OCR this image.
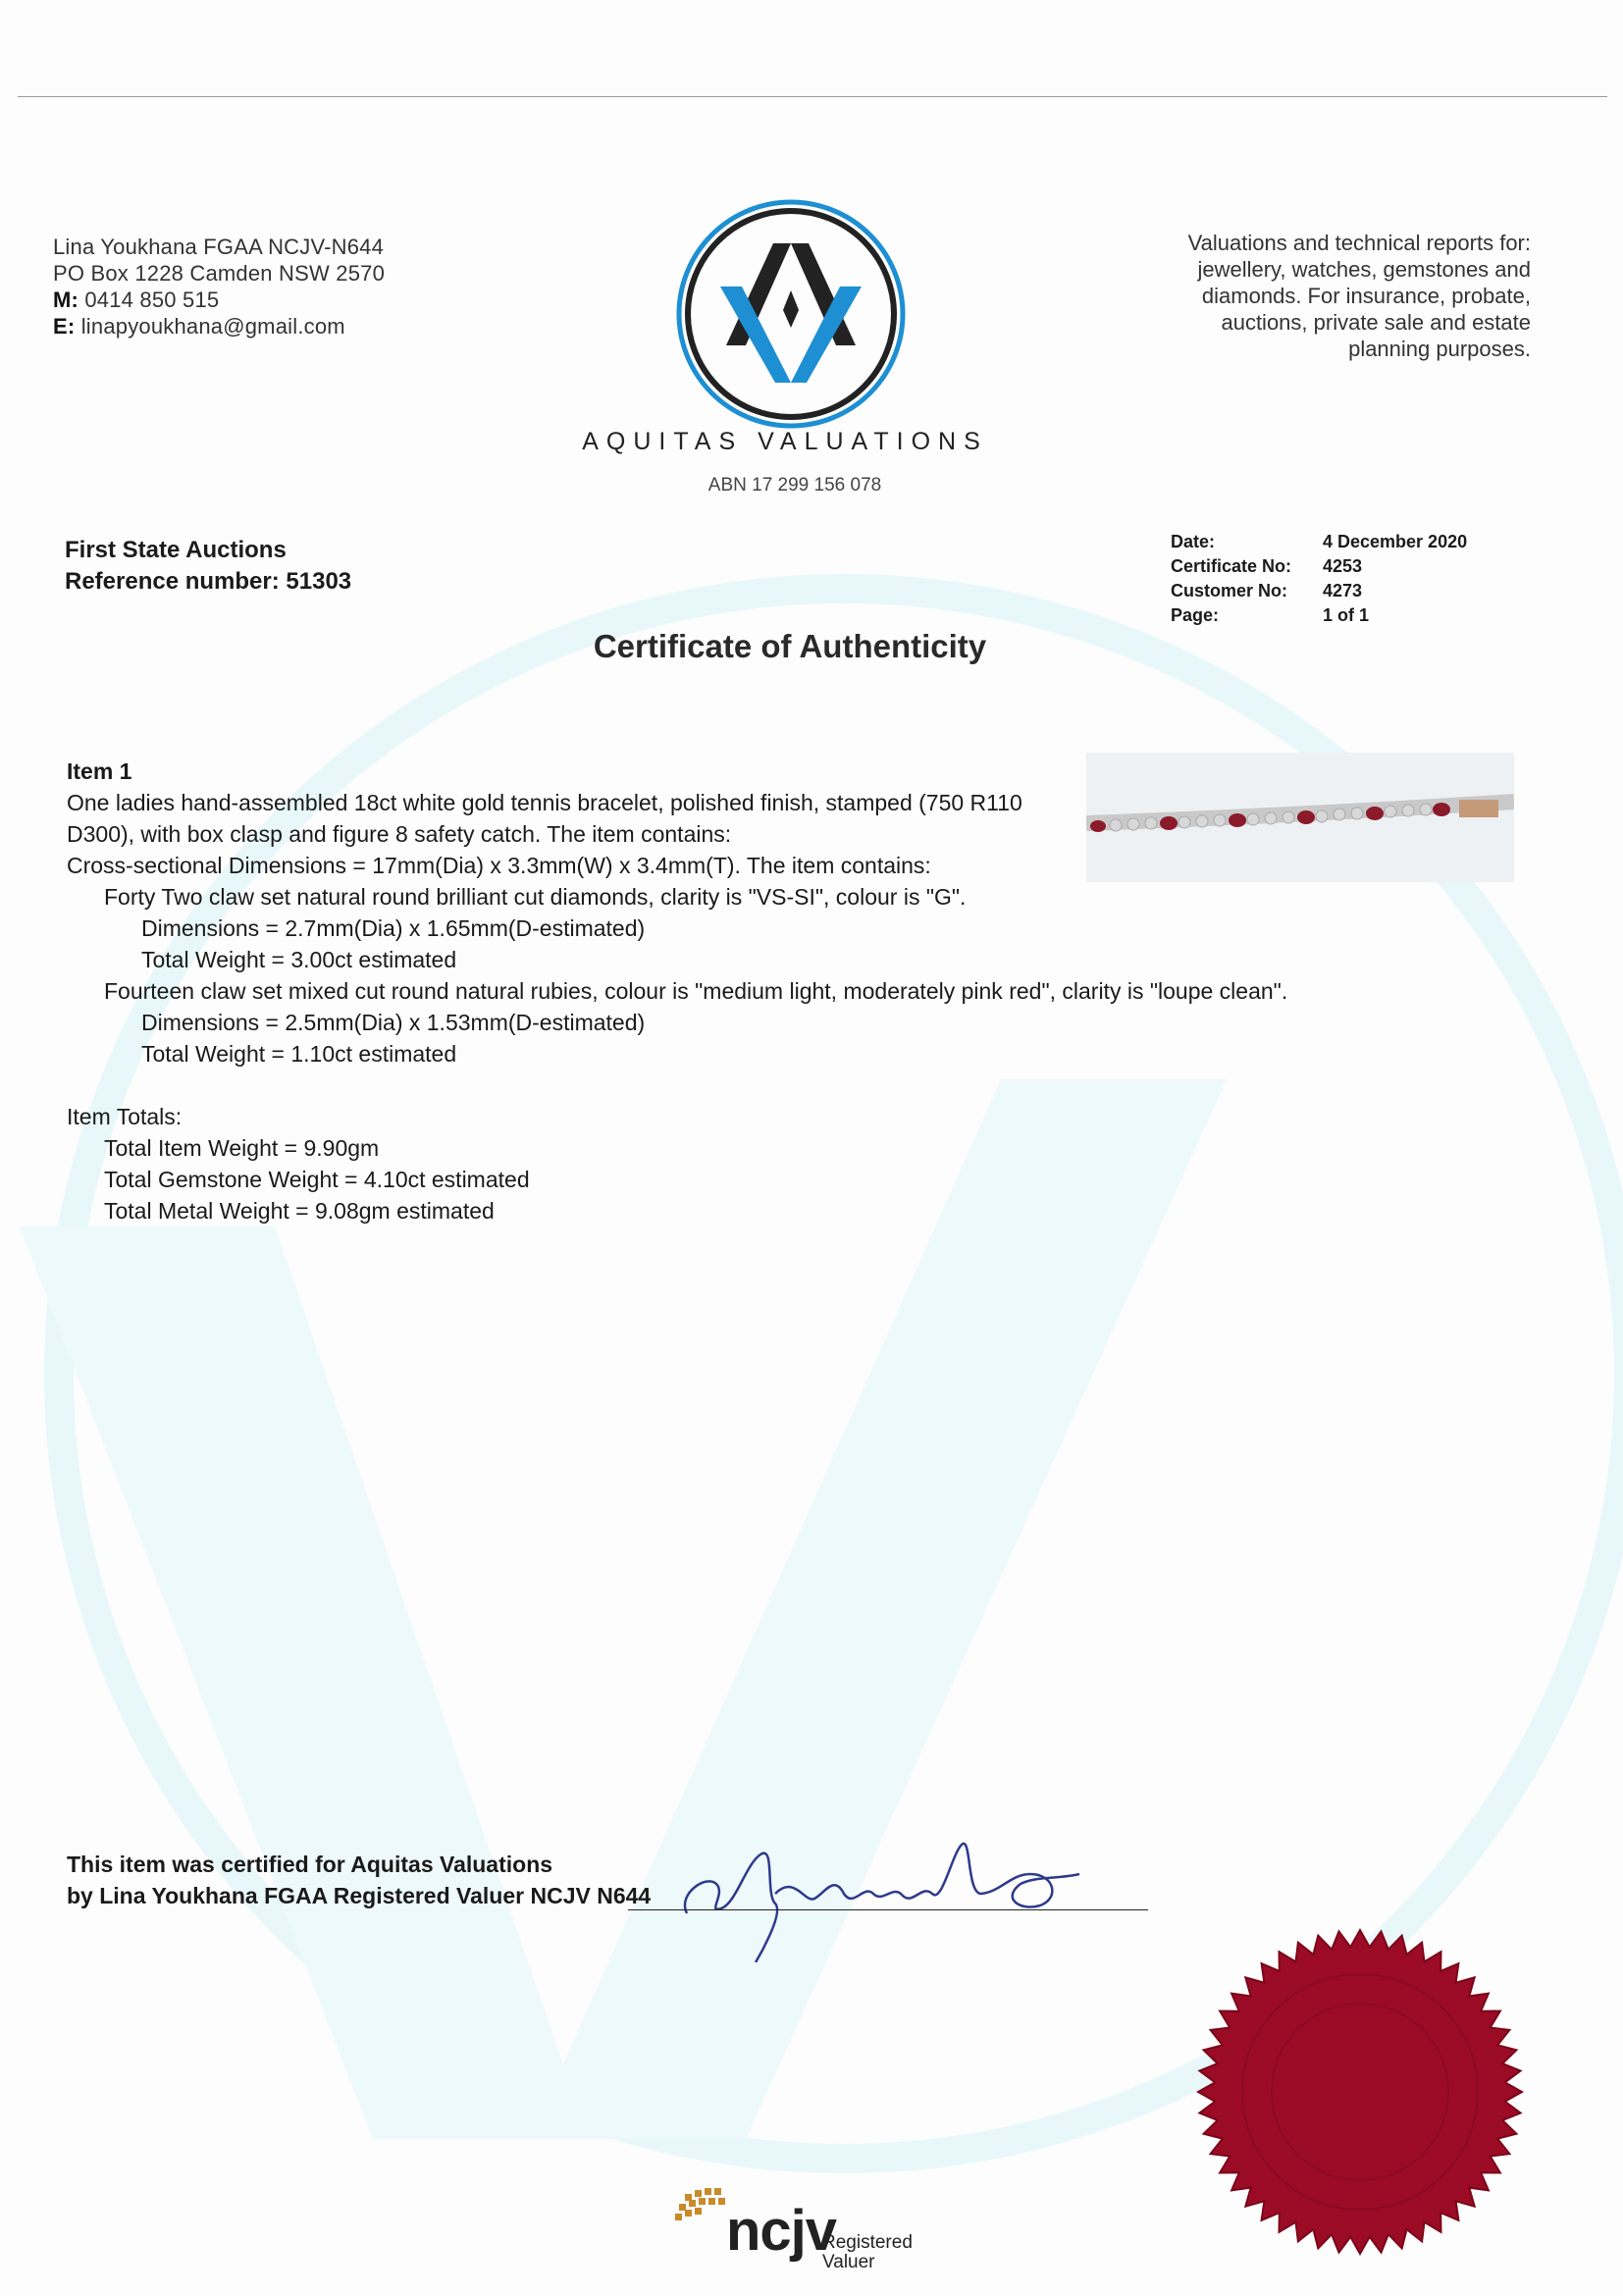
Lina Youkhana FGAA NCJV-N644
PO Box 1228 Camden NSW 2570
M: 0414 850 515
E: linapyoukhana@gmail.com
Valuations and technical reports for:
jewellery, watches, gemstones and
diamonds. For insurance, probate,
auctions, private sale and estate
planning purposes.
AQUITAS VALUATIONS
ABN 17 299 156 078
First State Auctions
Reference number: 51303
Date:	4 December 2020
Certificate No:	4253
Customer No:	4273
Page:	1 of 1
Certificate of Authenticity

Item 1

One ladies hand-assembled 18ct white gold tennis bracelet, polished finish, stamped (750 R110

D300), with box clasp and figure 8 safety catch. The item contains:

Cross-sectional Dimensions = 17mm(Dia) x 3.3mm(W) x 3.4mm(T). The item contains:

Forty Two claw set natural round brilliant cut diamonds, clarity is "VS-SI", colour is "G".

Dimensions = 2.7mm(Dia) x 1.65mm(D-estimated)

Total Weight = 3.00ct estimated

Fourteen claw set mixed cut round natural rubies, colour is "medium light, moderately pink red", clarity is "loupe clean".

Dimensions = 2.5mm(Dia) x 1.53mm(D-estimated)

Total Weight = 1.10ct estimated

Item Totals:

Total Item Weight = 9.90gm

Total Gemstone Weight = 4.10ct estimated

Total Metal Weight = 9.08gm estimated

This item was certified for Aquitas Valuations
by Lina Youkhana FGAA Registered Valuer NCJV N644
ncjv
Registered
Valuer
